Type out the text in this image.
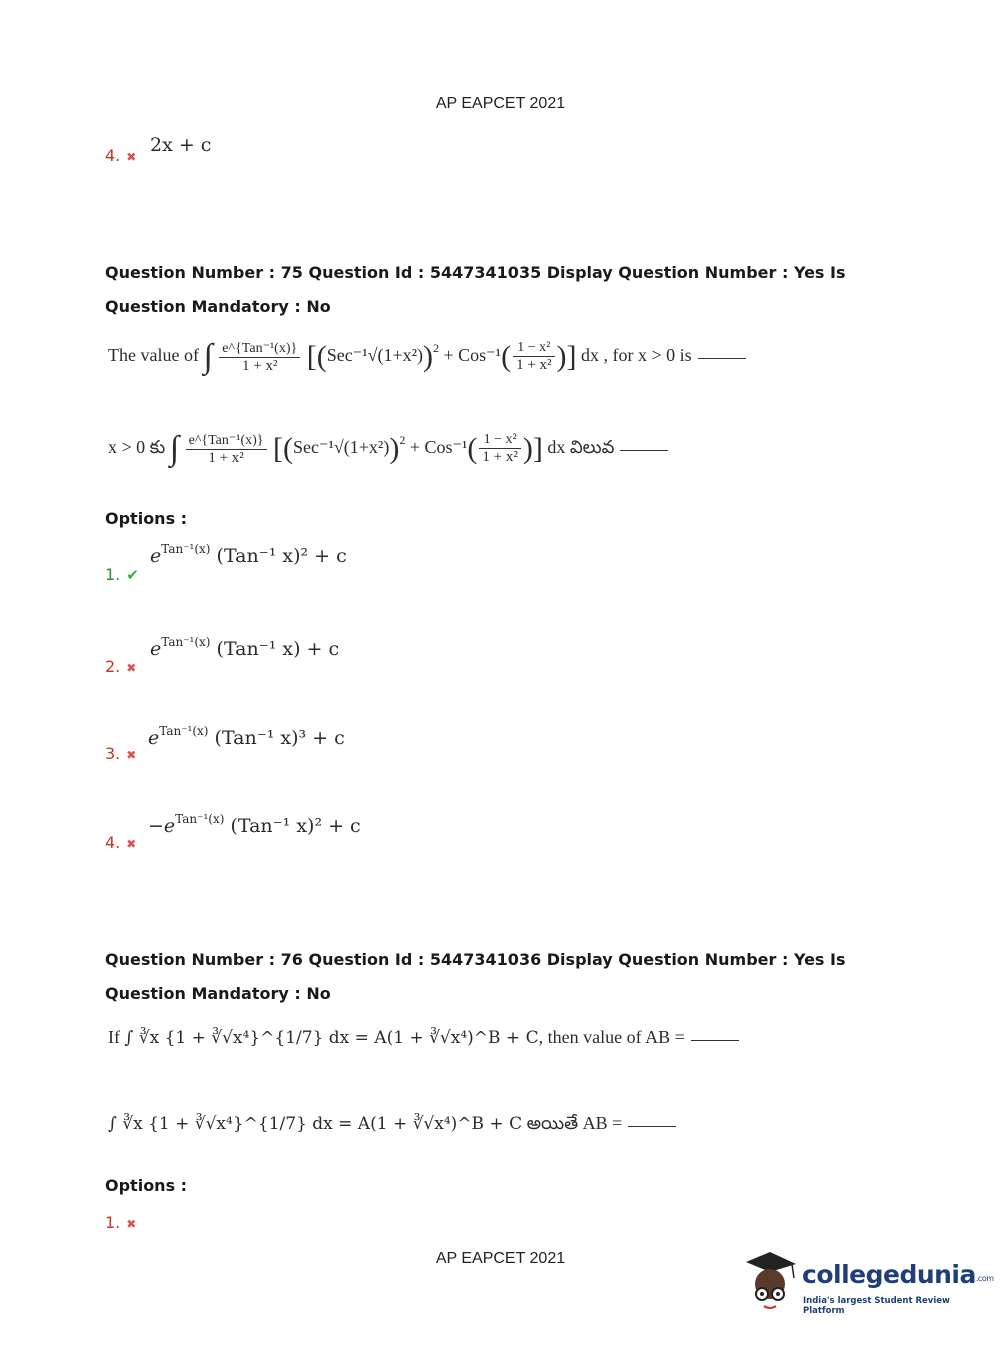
AP EAPCET 2021
4. ✖
2x + c
Question Number : 75 Question Id : 5447341035 Display Question Number : Yes Is Question Mandatory : No
The value of ∫ $\frac{\text{e\textasciicircum{}\{Tan⁻¹(x)\}}}{\text{1 + x²}} [(Sec^{-1}√(1+x^2))^2 + Cos^{-1}( \frac{\text{1 − x²}}{\text{1 + x²}}$ )] dx , for x > 0 is
x > 0 కు ∫ $\frac{\text{e\textasciicircum{}\{Tan⁻¹(x)\}}}{\text{1 + x²}} [(Sec^{-1}√(1+x^2))^2 + Cos^{-1}( \frac{\text{1 − x²}}{\text{1 + x²}}$ )] dx విలువ
Options :
1. ✔
$e^{Tan^{-1}(x)}$ (Tan⁻¹ x)² + c
2. ✖
$e^{Tan^{-1}(x)}$ (Tan⁻¹ x) + c
3. ✖
$e^{Tan^{-1}(x)}$ (Tan⁻¹ x)³ + c
4. ✖
$-e^{Tan^{-1}(x)}$ (Tan⁻¹ x)² + c
Question Number : 76 Question Id : 5447341036 Display Question Number : Yes Is Question Mandatory : No
If ∫ ∛x {1 + ∛√x⁴}^{1/7} dx = A(1 + ∛√x⁴)^B + C, then value of AB =
∫ ∛x {1 + ∛√x⁴}^{1/7} dx = A(1 + ∛√x⁴)^B + C అయితే AB =
Options :
1. ✖
AP EAPCET 2021
collegedunia.com
India's largest Student Review Platform
